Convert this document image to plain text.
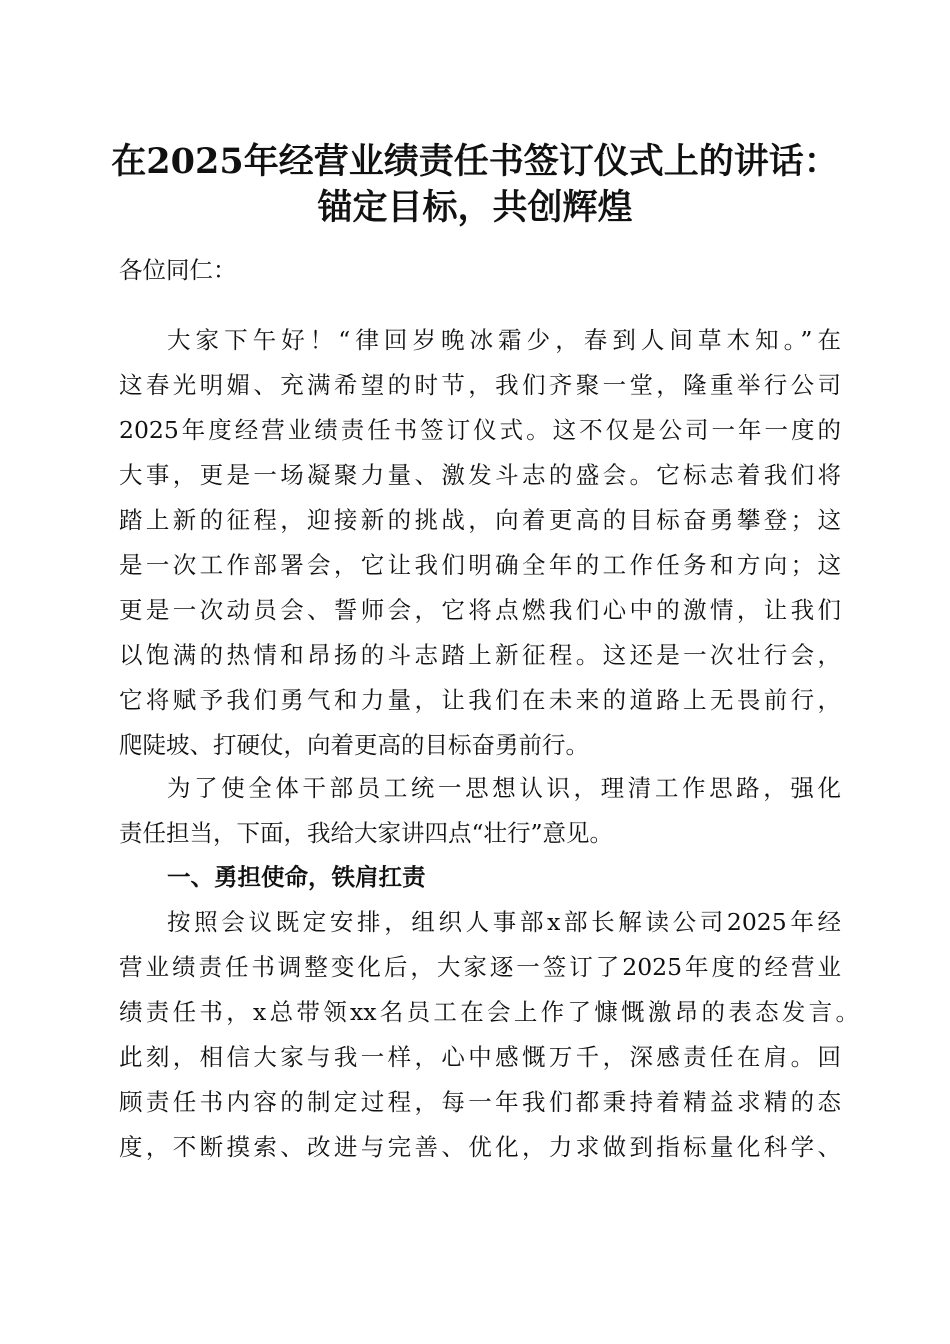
在2025年经营业绩责任书签订仪式上的讲话：
锚定目标，共创辉煌
各位同仁：
大家下午好！“律回岁晚冰霜少，春到人间草木知。”在
这春光明媚、充满希望的时节，我们齐聚一堂，隆重举行公司
2025年度经营业绩责任书签订仪式。这不仅是公司一年一度的
大事，更是一场凝聚力量、激发斗志的盛会。它标志着我们将
踏上新的征程，迎接新的挑战，向着更高的目标奋勇攀登；这
是一次工作部署会，它让我们明确全年的工作任务和方向；这
更是一次动员会、誓师会，它将点燃我们心中的激情，让我们
以饱满的热情和昂扬的斗志踏上新征程。这还是一次壮行会，
它将赋予我们勇气和力量，让我们在未来的道路上无畏前行，
爬陡坡、打硬仗，向着更高的目标奋勇前行。
为了使全体干部员工统一思想认识，理清工作思路，强化
责任担当，下面，我给大家讲四点“壮行”意见。
一、勇担使命，铁肩扛责
按照会议既定安排，组织人事部x部长解读公司2025年经
营业绩责任书调整变化后，大家逐一签订了2025年度的经营业
绩责任书，x总带领xx名员工在会上作了慷慨激昂的表态发言。
此刻，相信大家与我一样，心中感慨万千，深感责任在肩。回
顾责任书内容的制定过程，每一年我们都秉持着精益求精的态
度，不断摸索、改进与完善、优化，力求做到指标量化科学、
